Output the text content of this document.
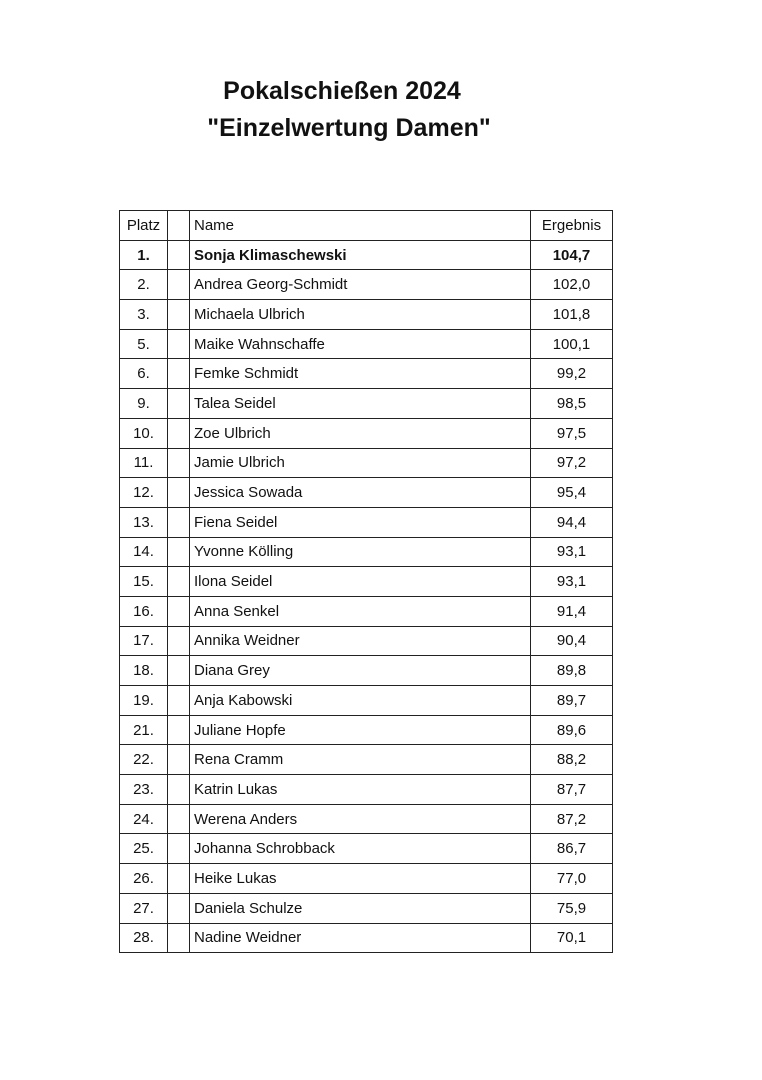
Pokalschießen 2024
"Einzelwertung Damen"
Platz		Name	Ergebnis
1.		Sonja Klimaschewski	104,7
2.		Andrea Georg-Schmidt	102,0
3.		Michaela Ulbrich	101,8
5.		Maike Wahnschaffe	100,1
6.		Femke Schmidt	99,2
9.		Talea Seidel	98,5
10.		Zoe Ulbrich	97,5
11.		Jamie Ulbrich	97,2
12.		Jessica Sowada	95,4
13.		Fiena Seidel	94,4
14.		Yvonne Kölling	93,1
15.		Ilona Seidel	93,1
16.		Anna Senkel	91,4
17.		Annika Weidner	90,4
18.		Diana Grey	89,8
19.		Anja Kabowski	89,7
21.		Juliane Hopfe	89,6
22.		Rena Cramm	88,2
23.		Katrin Lukas	87,7
24.		Werena Anders	87,2
25.		Johanna Schrobback	86,7
26.		Heike Lukas	77,0
27.		Daniela Schulze	75,9
28.		Nadine Weidner	70,1
